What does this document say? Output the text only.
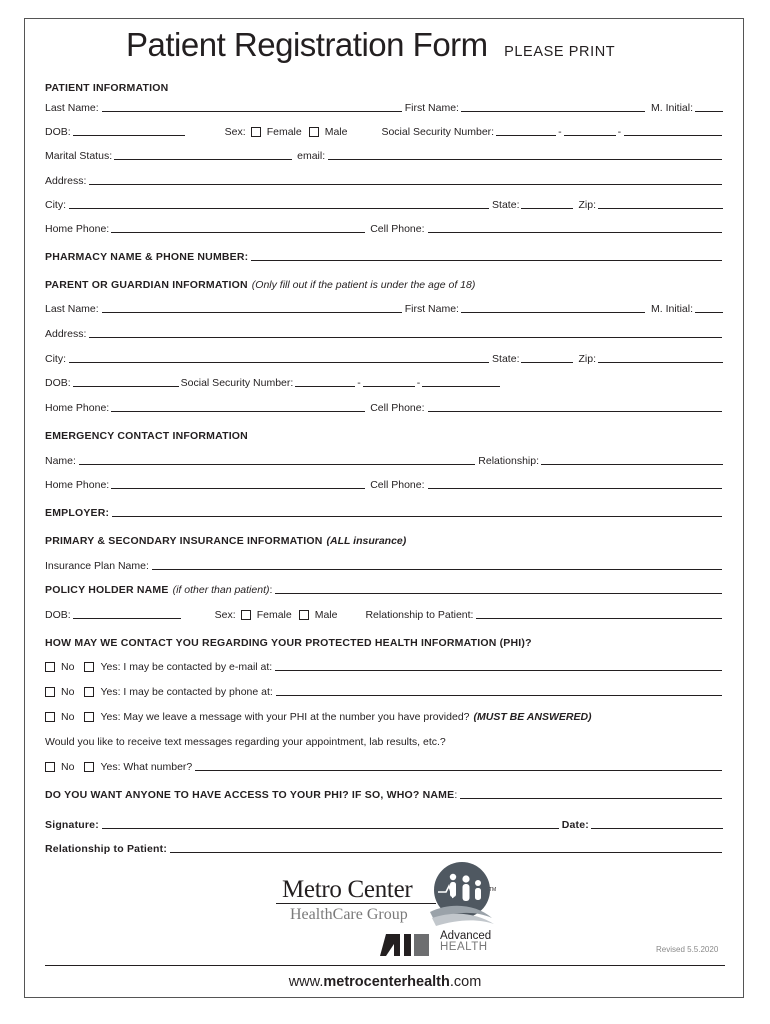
Patient Registration Form PLEASE PRINT
PATIENT INFORMATION
Last Name:	First Name:	M. Initial:
DOB:	Sex: Female Male	Social Security Number:	-	-
Marital Status:	email:
Address:
City:	State:	Zip:
Home Phone:	Cell Phone:
PHARMACY NAME & PHONE NUMBER:
PARENT OR GUARDIAN INFORMATION (Only fill out if the patient is under the age of 18)
Last Name:	First Name:	M. Initial:
Address:
City:	State:	Zip:
DOB:	Social Security Number:	-	-
Home Phone:	Cell Phone:
EMERGENCY CONTACT INFORMATION
Name:	Relationship:
Home Phone:	Cell Phone:
EMPLOYER:
PRIMARY & SECONDARY INSURANCE INFORMATION (ALL insurance)
Insurance Plan Name:
POLICY HOLDER NAME (if other than patient) :
DOB:	Sex: Female Male	Relationship to Patient:
HOW MAY WE CONTACT YOU REGARDING YOUR PROTECTED HEALTH INFORMATION (PHI)?
No Yes: I may be contacted by e-mail at:
No Yes: I may be contacted by phone at:
No Yes: May we leave a message with your PHI at the number you have provided? (MUST BE ANSWERED)
Would you like to receive text messages regarding your appointment, lab results, etc.?
No Yes: What number?
DO YOU WANT ANYONE TO HAVE ACCESS TO YOUR PHI? IF SO, WHO? NAME :
Signature:	Date:
Relationship to Patient:
Metro Center	TM
HealthCare Group
Advanced
HEALTH	Revised 5.5.2020
www.metrocenterhealth.com
